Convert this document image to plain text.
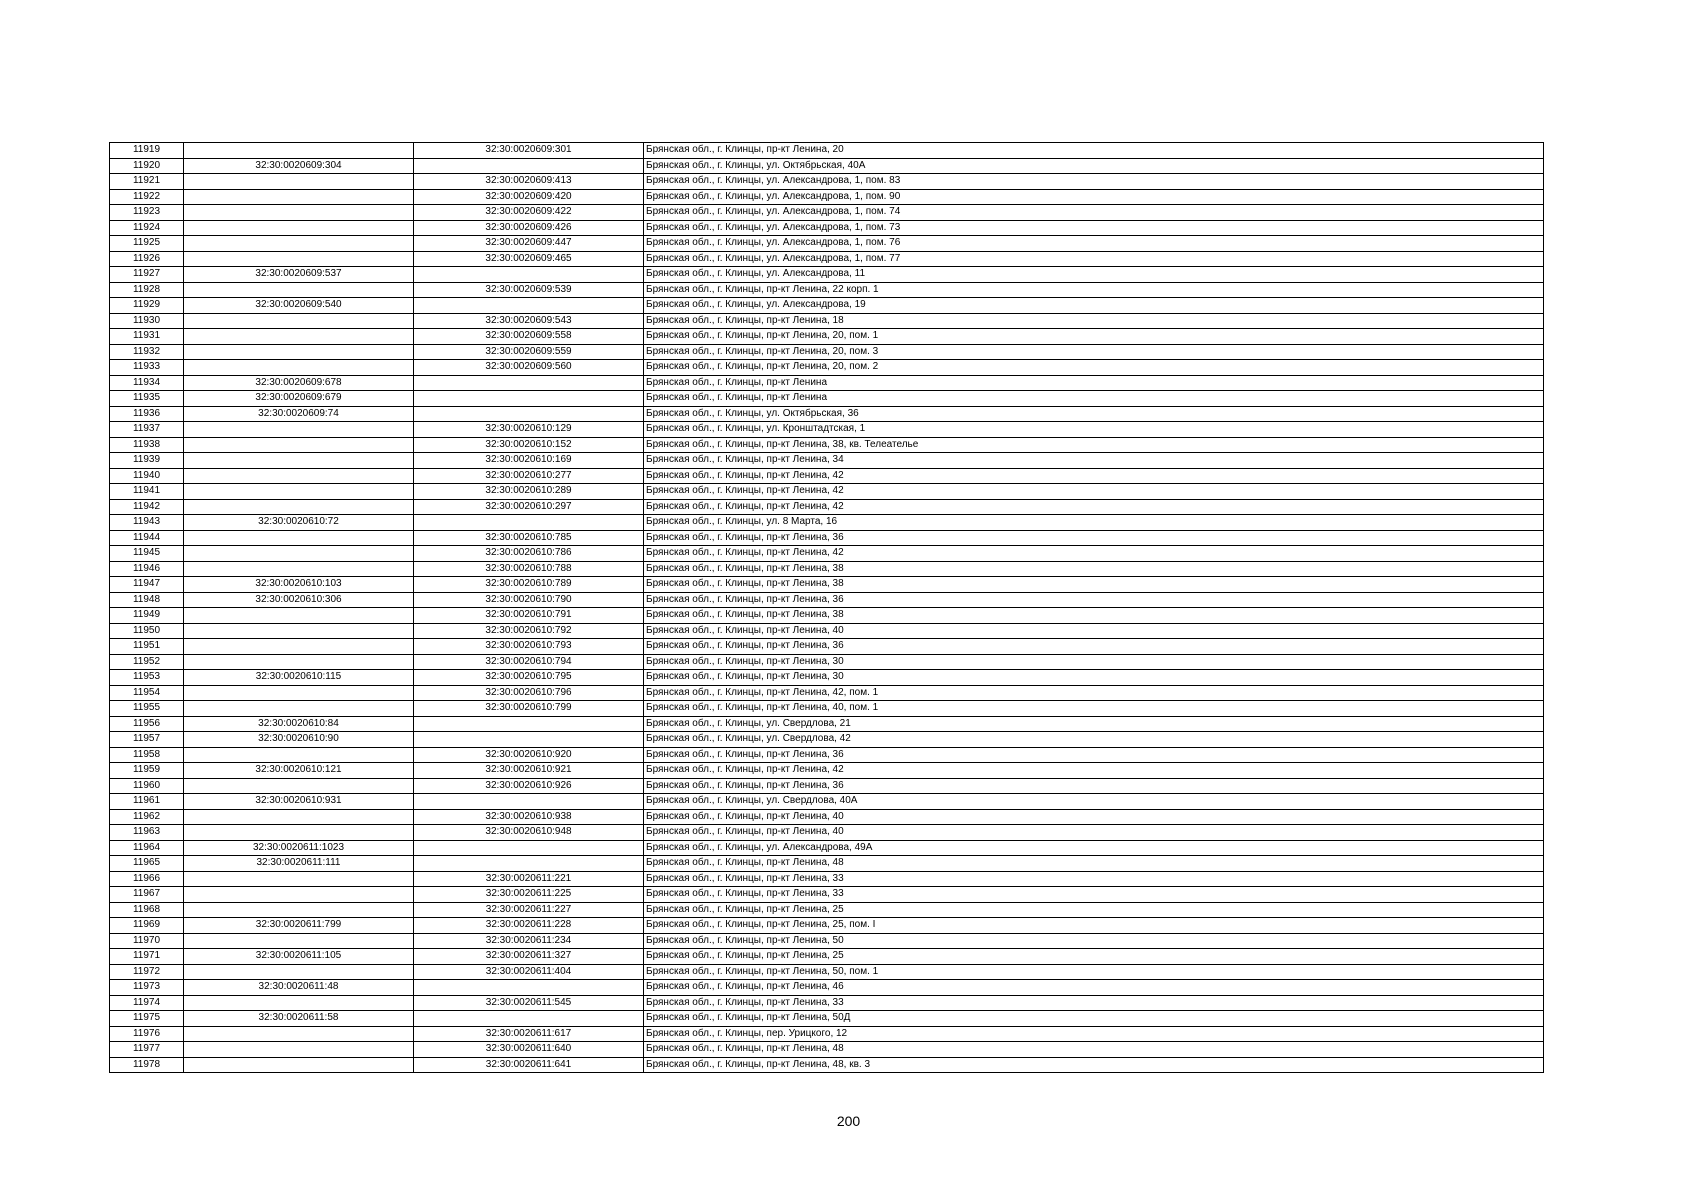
11919		32:30:0020609:301	Брянская обл., г. Клинцы, пр-кт Ленина, 20
11920	32:30:0020609:304		Брянская обл., г. Клинцы, ул. Октябрьская, 40А
11921		32:30:0020609:413	Брянская обл., г. Клинцы, ул. Александрова, 1, пом. 83
11922		32:30:0020609:420	Брянская обл., г. Клинцы, ул. Александрова, 1, пом. 90
11923		32:30:0020609:422	Брянская обл., г. Клинцы, ул. Александрова, 1, пом. 74
11924		32:30:0020609:426	Брянская обл., г. Клинцы, ул. Александрова, 1, пом. 73
11925		32:30:0020609:447	Брянская обл., г. Клинцы, ул. Александрова, 1, пом. 76
11926		32:30:0020609:465	Брянская обл., г. Клинцы, ул. Александрова, 1, пом. 77
11927	32:30:0020609:537		Брянская обл., г. Клинцы, ул. Александрова, 11
11928		32:30:0020609:539	Брянская обл., г. Клинцы, пр-кт Ленина, 22 корп. 1
11929	32:30:0020609:540		Брянская обл., г. Клинцы, ул. Александрова, 19
11930		32:30:0020609:543	Брянская обл., г. Клинцы, пр-кт Ленина, 18
11931		32:30:0020609:558	Брянская обл., г. Клинцы, пр-кт Ленина, 20, пом. 1
11932		32:30:0020609:559	Брянская обл., г. Клинцы, пр-кт Ленина, 20, пом. 3
11933		32:30:0020609:560	Брянская обл., г. Клинцы, пр-кт Ленина, 20, пом. 2
11934	32:30:0020609:678		Брянская обл., г. Клинцы, пр-кт Ленина
11935	32:30:0020609:679		Брянская обл., г. Клинцы, пр-кт Ленина
11936	32:30:0020609:74		Брянская обл., г. Клинцы, ул. Октябрьская, 36
11937		32:30:0020610:129	Брянская обл., г. Клинцы, ул. Кронштадтская, 1
11938		32:30:0020610:152	Брянская обл., г. Клинцы, пр-кт Ленина, 38, кв. Телеателье
11939		32:30:0020610:169	Брянская обл., г. Клинцы, пр-кт Ленина, 34
11940		32:30:0020610:277	Брянская обл., г. Клинцы, пр-кт Ленина, 42
11941		32:30:0020610:289	Брянская обл., г. Клинцы, пр-кт Ленина, 42
11942		32:30:0020610:297	Брянская обл., г. Клинцы, пр-кт Ленина, 42
11943	32:30:0020610:72		Брянская обл., г. Клинцы, ул. 8 Марта, 16
11944		32:30:0020610:785	Брянская обл., г. Клинцы, пр-кт Ленина, 36
11945		32:30:0020610:786	Брянская обл., г. Клинцы, пр-кт Ленина, 42
11946		32:30:0020610:788	Брянская обл., г. Клинцы, пр-кт Ленина, 38
11947	32:30:0020610:103	32:30:0020610:789	Брянская обл., г. Клинцы, пр-кт Ленина, 38
11948	32:30:0020610:306	32:30:0020610:790	Брянская обл., г. Клинцы, пр-кт Ленина, 36
11949		32:30:0020610:791	Брянская обл., г. Клинцы, пр-кт Ленина, 38
11950		32:30:0020610:792	Брянская обл., г. Клинцы, пр-кт Ленина, 40
11951		32:30:0020610:793	Брянская обл., г. Клинцы, пр-кт Ленина, 36
11952		32:30:0020610:794	Брянская обл., г. Клинцы, пр-кт Ленина, 30
11953	32:30:0020610:115	32:30:0020610:795	Брянская обл., г. Клинцы, пр-кт Ленина, 30
11954		32:30:0020610:796	Брянская обл., г. Клинцы, пр-кт Ленина, 42, пом. 1
11955		32:30:0020610:799	Брянская обл., г. Клинцы, пр-кт Ленина, 40, пом. 1
11956	32:30:0020610:84		Брянская обл., г. Клинцы, ул. Свердлова, 21
11957	32:30:0020610:90		Брянская обл., г. Клинцы, ул. Свердлова, 42
11958		32:30:0020610:920	Брянская обл., г. Клинцы, пр-кт Ленина, 36
11959	32:30:0020610:121	32:30:0020610:921	Брянская обл., г. Клинцы, пр-кт Ленина, 42
11960		32:30:0020610:926	Брянская обл., г. Клинцы, пр-кт Ленина, 36
11961	32:30:0020610:931		Брянская обл., г. Клинцы, ул. Свердлова, 40А
11962		32:30:0020610:938	Брянская обл., г. Клинцы, пр-кт Ленина, 40
11963		32:30:0020610:948	Брянская обл., г. Клинцы, пр-кт Ленина, 40
11964	32:30:0020611:1023		Брянская обл., г. Клинцы, ул. Александрова, 49А
11965	32:30:0020611:111		Брянская обл., г. Клинцы, пр-кт Ленина, 48
11966		32:30:0020611:221	Брянская обл., г. Клинцы, пр-кт Ленина, 33
11967		32:30:0020611:225	Брянская обл., г. Клинцы, пр-кт Ленина, 33
11968		32:30:0020611:227	Брянская обл., г. Клинцы, пр-кт Ленина, 25
11969	32:30:0020611:799	32:30:0020611:228	Брянская обл., г. Клинцы, пр-кт Ленина, 25, пом. I
11970		32:30:0020611:234	Брянская обл., г. Клинцы, пр-кт Ленина, 50
11971	32:30:0020611:105	32:30:0020611:327	Брянская обл., г. Клинцы, пр-кт Ленина, 25
11972		32:30:0020611:404	Брянская обл., г. Клинцы, пр-кт Ленина, 50, пом. 1
11973	32:30:0020611:48		Брянская обл., г. Клинцы, пр-кт Ленина, 46
11974		32:30:0020611:545	Брянская обл., г. Клинцы, пр-кт Ленина, 33
11975	32:30:0020611:58		Брянская обл., г. Клинцы, пр-кт Ленина, 50Д
11976		32:30:0020611:617	Брянская обл., г. Клинцы, пер. Урицкого, 12
11977		32:30:0020611:640	Брянская обл., г. Клинцы, пр-кт Ленина, 48
11978		32:30:0020611:641	Брянская обл., г. Клинцы, пр-кт Ленина, 48, кв. 3
200
